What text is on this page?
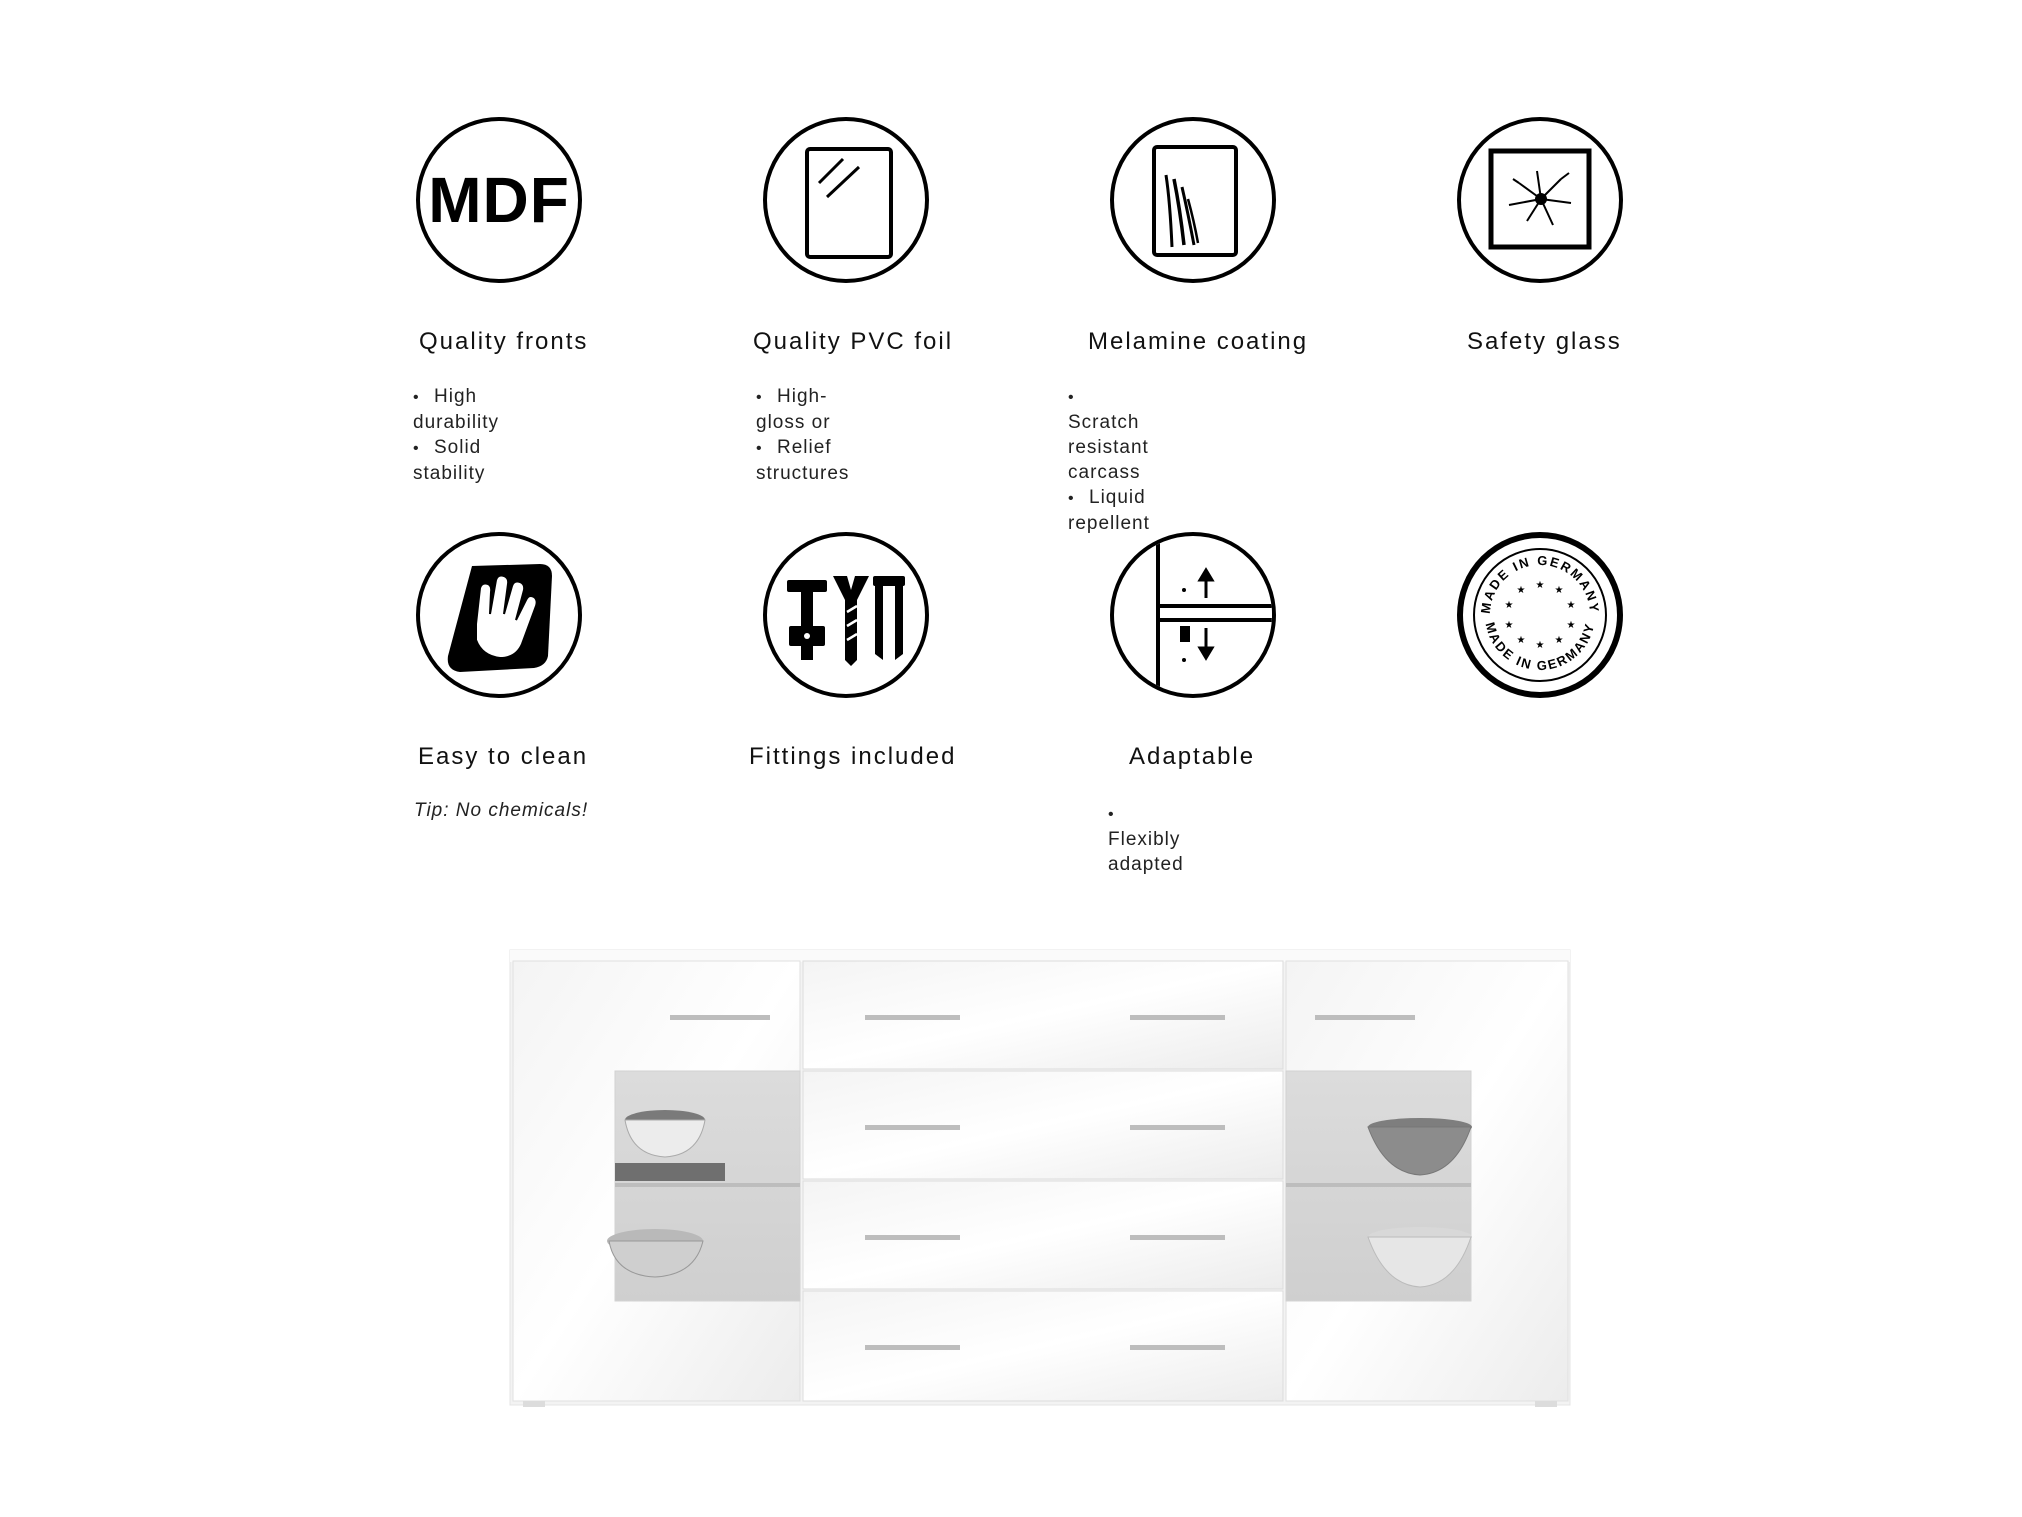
MDF
Quality fronts
• High durability
• Solid stability
Quality PVC foil
• High-gloss or
• Relief structures
Melamine coating
• Scratch resistant carcass
• Liquid repellent
Safety glass
Easy to clean
Tip: No chemicals!
Fittings included	Adaptable
• Flexibly adapted
MADE IN GERMANY
MADE IN GERMANY
★ ★
★
★
★
★
★
★
★
★
